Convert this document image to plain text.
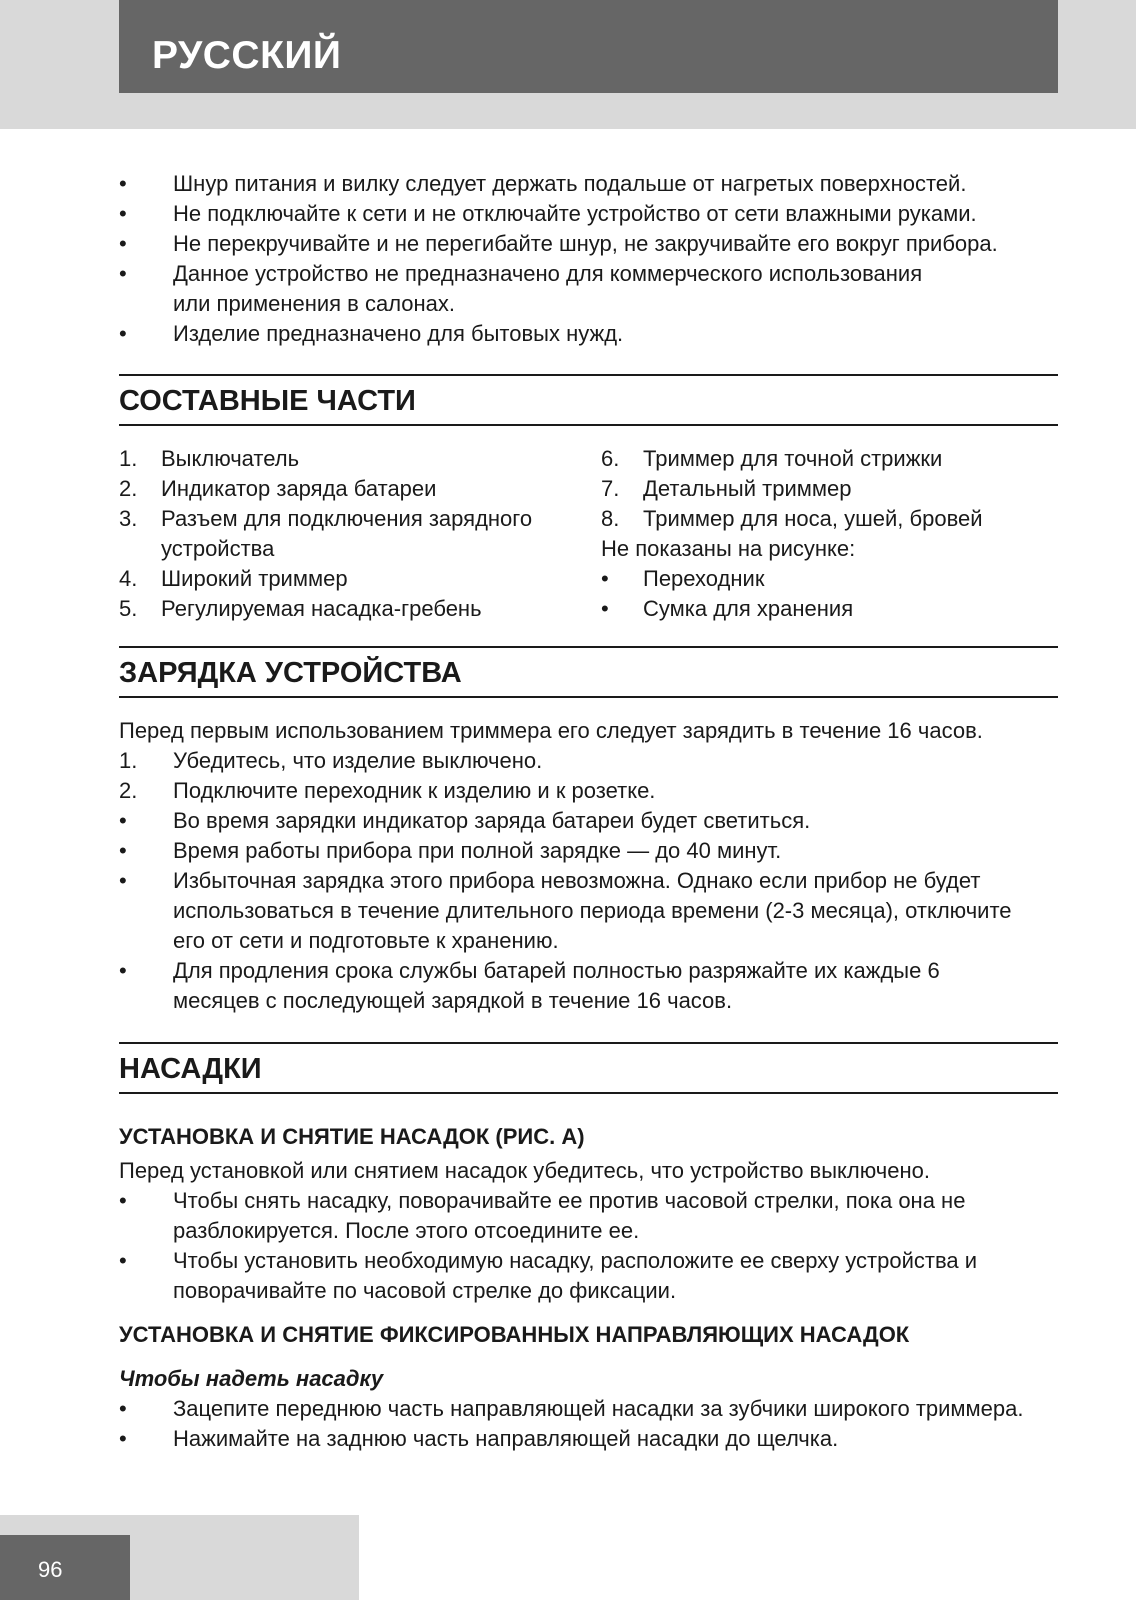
РУССКИЙ
•	Шнур питания и вилку следует держать подальше от нагретых поверхностей.
•	Не подключайте к сети и не отключайте устройство от сети влажными руками.
•	Не перекручивайте и не перегибайте шнур, не закручивайте его вокруг прибора.
•	Данное устройство не предназначено для коммерческого использования или применения в салонах.
•	Изделие предназначено для бытовых нужд.
СОСТАВНЫЕ ЧАСТИ
1.	Выключатель
2.	Индикатор заряда батареи
3.	Разъем для подключения зарядного устройства
4.	Широкий триммер
5.	Регулируемая насадка-гребень
6.	Триммер для точной стрижки
7.	Детальный триммер
8.	Триммер для носа, ушей, бровей

Не показаны на рисунке:

•	Переходник
•	Сумка для хранения
ЗАРЯДКА УСТРОЙСТВА

Перед первым использованием триммера его следует зарядить в течение 16 часов.

1.	Убедитесь, что изделие выключено.
2.	Подключите переходник к изделию и к розетке.
•	Во время зарядки индикатор заряда батареи будет светиться.
•	Время работы прибора при полной зарядке — до 40 минут.
•	Избыточная зарядка этого прибора невозможна. Однако если прибор не будет использоваться в течение длительного периода времени (2-3 месяца), отключите его от сети и подготовьте к хранению.
•	Для продления срока службы батарей полностью разряжайте их каждые 6 месяцев с последующей зарядкой в течение 16 часов.
НАСАДКИ
УСТАНОВКА И СНЯТИЕ НАСАДОК (РИС. A)

Перед установкой или снятием насадок убедитесь, что устройство выключено.

•	Чтобы снять насадку, поворачивайте ее против часовой стрелки, пока она не разблокируется. После этого отсоедините ее.
•	Чтобы установить необходимую насадку, расположите ее сверху устройства и поворачивайте по часовой стрелке до фиксации.
УСТАНОВКА И СНЯТИЕ ФИКСИРОВАННЫХ НАПРАВЛЯЮЩИХ НАСАДОК
Чтобы надеть насадку
•	Зацепите переднюю часть направляющей насадки за зубчики широкого триммера.
•	Нажимайте на заднюю часть направляющей насадки до щелчка.
96
